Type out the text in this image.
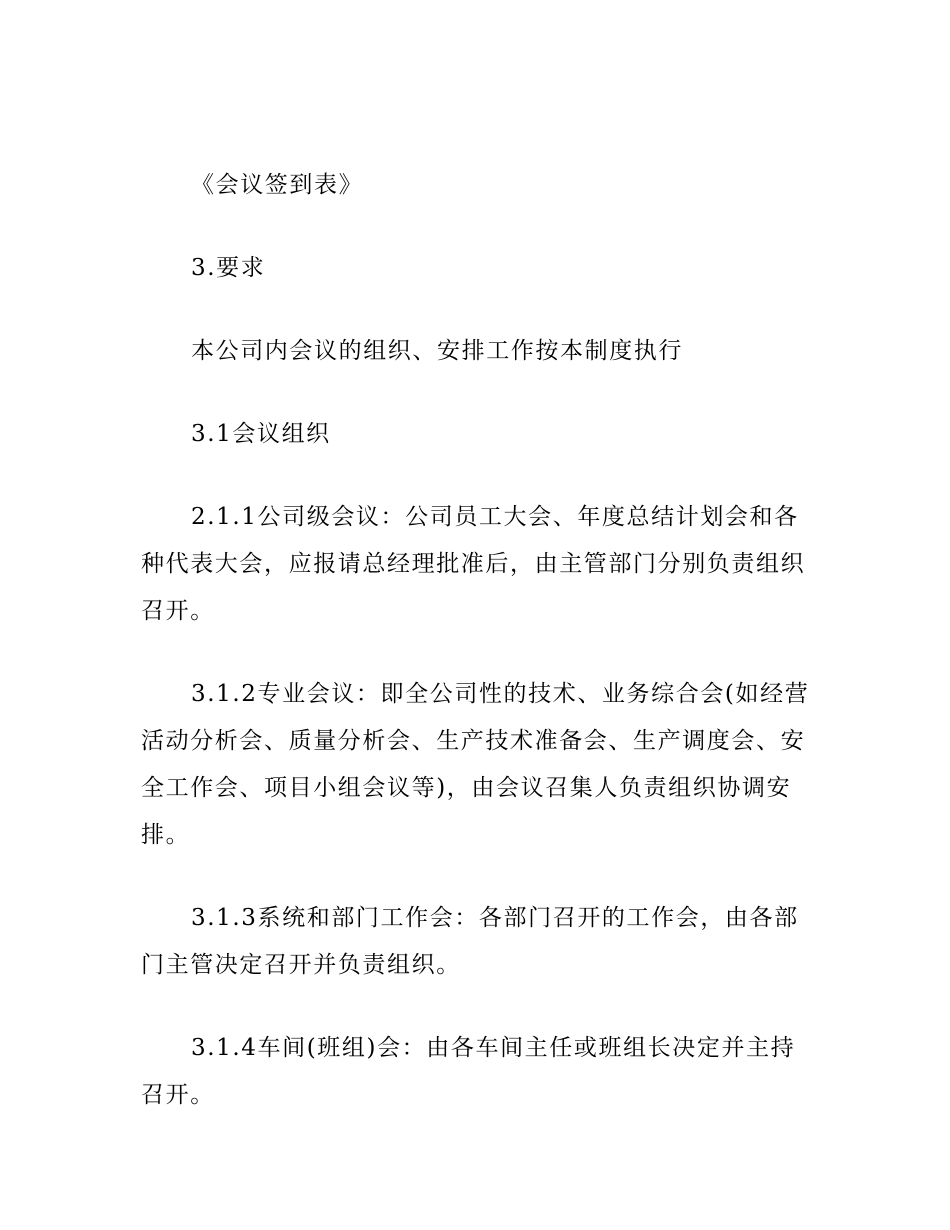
《会议签到表》

3.要求

本公司内会议的组织、安排工作按本制度执行

3.1会议组织

2.1.1公司级会议：公司员工大会、年度总结计划会和各种代表大会，应报请总经理批准后，由主管部门分别负责组织召开。

3.1.2专业会议：即全公司性的技术、业务综合会(如经营活动分析会、质量分析会、生产技术准备会、生产调度会、安全工作会、项目小组会议等)，由会议召集人负责组织协调安排。

3.1.3系统和部门工作会：各部门召开的工作会，由各部门主管决定召开并负责组织。

3.1.4车间(班组)会：由各车间主任或班组长决定并主持召开。
